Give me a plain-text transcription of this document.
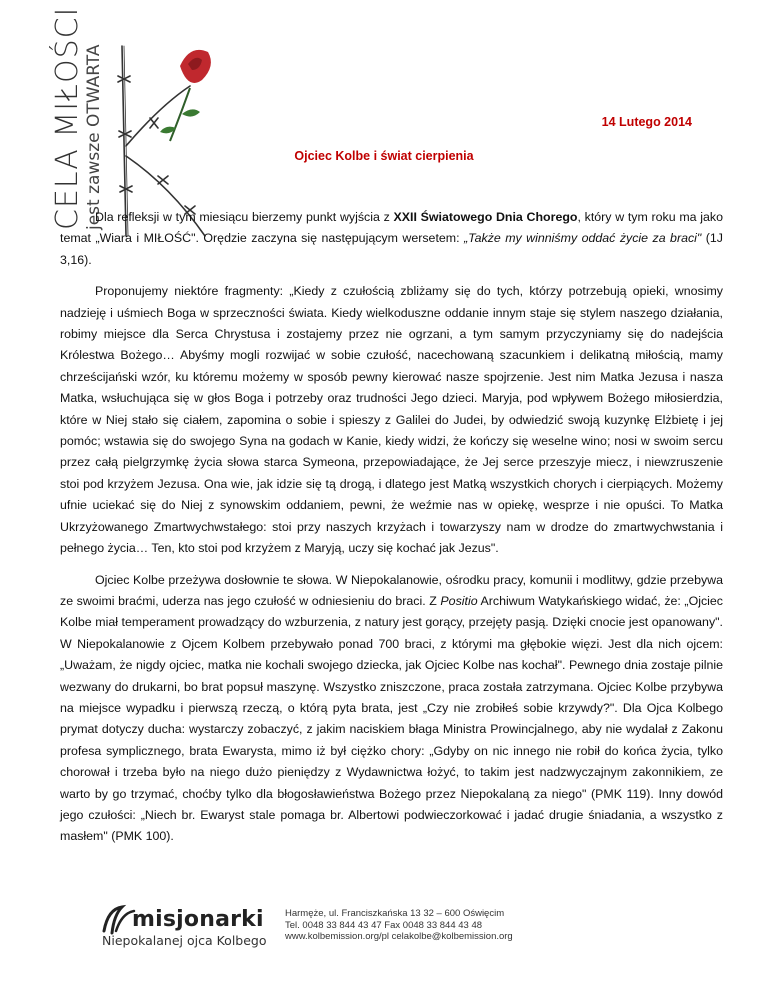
CELA MIŁOŚCI jest zawsze OTWARTA	14 Lutego 2014
Ojciec Kolbe i świat cierpienia

Dla refleksji w tym miesiącu bierzemy punkt wyjścia z XXII Światowego Dnia Chorego, który w tym roku ma jako temat „Wiara i MIŁOŚĆ". Orędzie zaczyna się następującym wersetem: „Także my winniśmy oddać życie za braci" (1J 3,16).

Proponujemy niektóre fragmenty: „Kiedy z czułością zbliżamy się do tych, którzy potrzebują opieki, wnosimy nadzieję i uśmiech Boga w sprzeczności świata. Kiedy wielkoduszne oddanie innym staje się stylem naszego działania, robimy miejsce dla Serca Chrystusa i zostajemy przez nie ogrzani, a tym samym przyczyniamy się do nadejścia Królestwa Bożego… Abyśmy mogli rozwijać w sobie czułość, nacechowaną szacunkiem i delikatną miłością, mamy chrześcijański wzór, ku któremu możemy w sposób pewny kierować nasze spojrzenie. Jest nim Matka Jezusa i nasza Matka, wsłuchująca się w głos Boga i potrzeby oraz trudności Jego dzieci. Maryja, pod wpływem Bożego miłosierdzia, które w Niej stało się ciałem, zapomina o sobie i spieszy z Galilei do Judei, by odwiedzić swoją kuzynkę Elżbietę i jej pomóc; wstawia się do swojego Syna na godach w Kanie, kiedy widzi, że kończy się weselne wino; nosi w swoim sercu przez całą pielgrzymkę życia słowa starca Symeona, przepowiadające, że Jej serce przeszyje miecz, i niewzruszenie stoi pod krzyżem Jezusa. Ona wie, jak idzie się tą drogą, i dlatego jest Matką wszystkich chorych i cierpiących. Możemy ufnie uciekać się do Niej z synowskim oddaniem, pewni, że weźmie nas w opiekę, wesprze i nie opuści. To Matka Ukrzyżowanego Zmartwychwstałego: stoi przy naszych krzyżach i towarzyszy nam w drodze do zmartwychwstania i pełnego życia… Ten, kto stoi pod krzyżem z Maryją, uczy się kochać jak Jezus".

Ojciec Kolbe przeżywa dosłownie te słowa. W Niepokalanowie, ośrodku pracy, komunii i modlitwy, gdzie przebywa ze swoimi braćmi, uderza nas jego czułość w odniesieniu do braci. Z Positio Archiwum Watykańskiego widać, że: „Ojciec Kolbe miał temperament prowadzący do wzburzenia, z natury jest gorący, przejęty pasją. Dzięki cnocie jest opanowany". W Niepokalanowie z Ojcem Kolbem przebywało ponad 700 braci, z którymi ma głębokie więzi. Jest dla nich ojcem: „Uważam, że nigdy ojciec, matka nie kochali swojego dziecka, jak Ojciec Kolbe nas kochał". Pewnego dnia zostaje pilnie wezwany do drukarni, bo brat popsuł maszynę. Wszystko zniszczone, praca została zatrzymana. Ojciec Kolbe przybywa na miejsce wypadku i pierwszą rzeczą, o którą pyta brata, jest „Czy nie zrobiłeś sobie krzywdy?". Dla Ojca Kolbego prymat dotyczy ducha: wystarczy zobaczyć, z jakim naciskiem błaga Ministra Prowincjalnego, aby nie wydalał z Zakonu profesa symplicznego, brata Ewarysta, mimo iż był ciężko chory: „Gdyby on nic innego nie robił do końca życia, tylko chorował i trzeba było na niego dużo pieniędzy z Wydawnictwa łożyć, to takim jest nadzwyczajnym zakonnikiem, ze warto by go trzymać, choćby tylko dla błogosławieństwa Bożego przez Niepokalaną za niego" (PMK 119). Inny dowód jego czułości: „Niech br. Ewaryst stale pomaga br. Albertowi podwieczorkować i jadać drugie śniadania, a wszystko z masłem" (PMK 100).

misjonarki
Niepokalanej ojca Kolbego
Harmęże, ul. Franciszkańska 13 32 – 600 Oświęcim
Tel. 0048 33 844 43 47 Fax 0048 33 844 43 48
www.kolbemission.org/pl celakolbe@kolbemission.org
